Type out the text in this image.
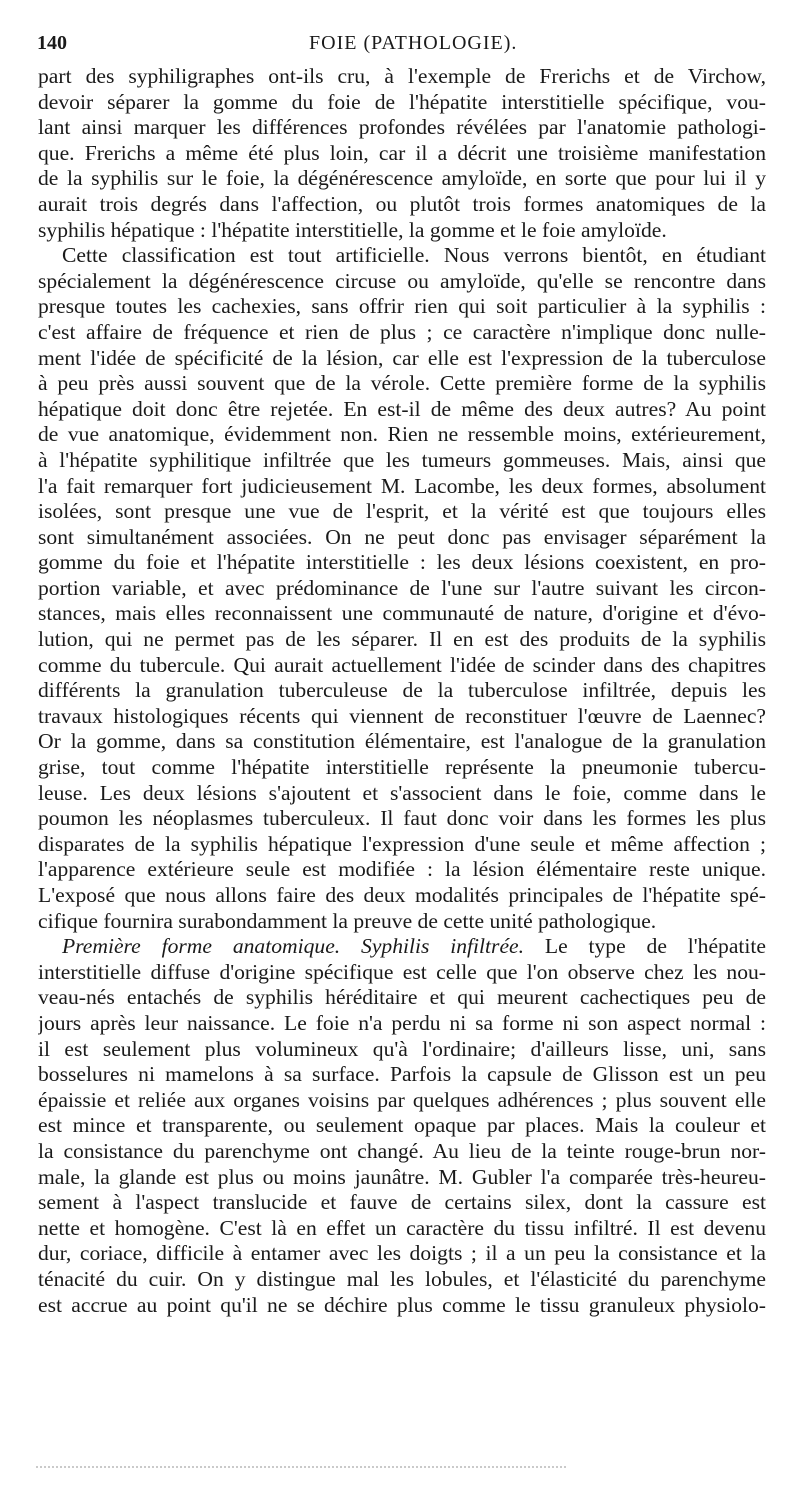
140	FOIE (PATHOLOGIE).
part des syphiligraphes ont-ils cru, à l'exemple de Frerichs et de Virchow,
devoir séparer la gomme du foie de l'hépatite interstitielle spécifique, vou-
lant ainsi marquer les différences profondes révélées par l'anatomie pathologi-
que. Frerichs a même été plus loin, car il a décrit une troisième manifestation
de la syphilis sur le foie, la dégénérescence amyloïde, en sorte que pour lui il y
aurait trois degrés dans l'affection, ou plutôt trois formes anatomiques de la
syphilis hépatique : l'hépatite interstitielle, la gomme et le foie amyloïde.
Cette classification est tout artificielle. Nous verrons bientôt, en étudiant
spécialement la dégénérescence circuse ou amyloïde, qu'elle se rencontre dans
presque toutes les cachexies, sans offrir rien qui soit particulier à la syphilis :
c'est affaire de fréquence et rien de plus ; ce caractère n'implique donc nulle-
ment l'idée de spécificité de la lésion, car elle est l'expression de la tuberculose
à peu près aussi souvent que de la vérole. Cette première forme de la syphilis
hépatique doit donc être rejetée. En est-il de même des deux autres? Au point
de vue anatomique, évidemment non. Rien ne ressemble moins, extérieurement,
à l'hépatite syphilitique infiltrée que les tumeurs gommeuses. Mais, ainsi que
l'a fait remarquer fort judicieusement M. Lacombe, les deux formes, absolument
isolées, sont presque une vue de l'esprit, et la vérité est que toujours elles
sont simultanément associées. On ne peut donc pas envisager séparément la
gomme du foie et l'hépatite interstitielle : les deux lésions coexistent, en pro-
portion variable, et avec prédominance de l'une sur l'autre suivant les circon-
stances, mais elles reconnaissent une communauté de nature, d'origine et d'évo-
lution, qui ne permet pas de les séparer. Il en est des produits de la syphilis
comme du tubercule. Qui aurait actuellement l'idée de scinder dans des chapitres
différents la granulation tuberculeuse de la tuberculose infiltrée, depuis les
travaux histologiques récents qui viennent de reconstituer l'œuvre de Laennec?
Or la gomme, dans sa constitution élémentaire, est l'analogue de la granulation
grise, tout comme l'hépatite interstitielle représente la pneumonie tubercu-
leuse. Les deux lésions s'ajoutent et s'associent dans le foie, comme dans le
poumon les néoplasmes tuberculeux. Il faut donc voir dans les formes les plus
disparates de la syphilis hépatique l'expression d'une seule et même affection ;
l'apparence extérieure seule est modifiée : la lésion élémentaire reste unique.
L'exposé que nous allons faire des deux modalités principales de l'hépatite spé-
cifique fournira surabondamment la preuve de cette unité pathologique.
Première forme anatomique. Syphilis infiltrée. Le type de l'hépatite
interstitielle diffuse d'origine spécifique est celle que l'on observe chez les nou-
veau-nés entachés de syphilis héréditaire et qui meurent cachectiques peu de
jours après leur naissance. Le foie n'a perdu ni sa forme ni son aspect normal :
il est seulement plus volumineux qu'à l'ordinaire; d'ailleurs lisse, uni, sans
bosselures ni mamelons à sa surface. Parfois la capsule de Glisson est un peu
épaissie et reliée aux organes voisins par quelques adhérences ; plus souvent elle
est mince et transparente, ou seulement opaque par places. Mais la couleur et
la consistance du parenchyme ont changé. Au lieu de la teinte rouge-brun nor-
male, la glande est plus ou moins jaunâtre. M. Gubler l'a comparée très-heureu-
sement à l'aspect translucide et fauve de certains silex, dont la cassure est
nette et homogène. C'est là en effet un caractère du tissu infiltré. Il est devenu
dur, coriace, difficile à entamer avec les doigts ; il a un peu la consistance et la
ténacité du cuir. On y distingue mal les lobules, et l'élasticité du parenchyme
est accrue au point qu'il ne se déchire plus comme le tissu granuleux physiolo-
